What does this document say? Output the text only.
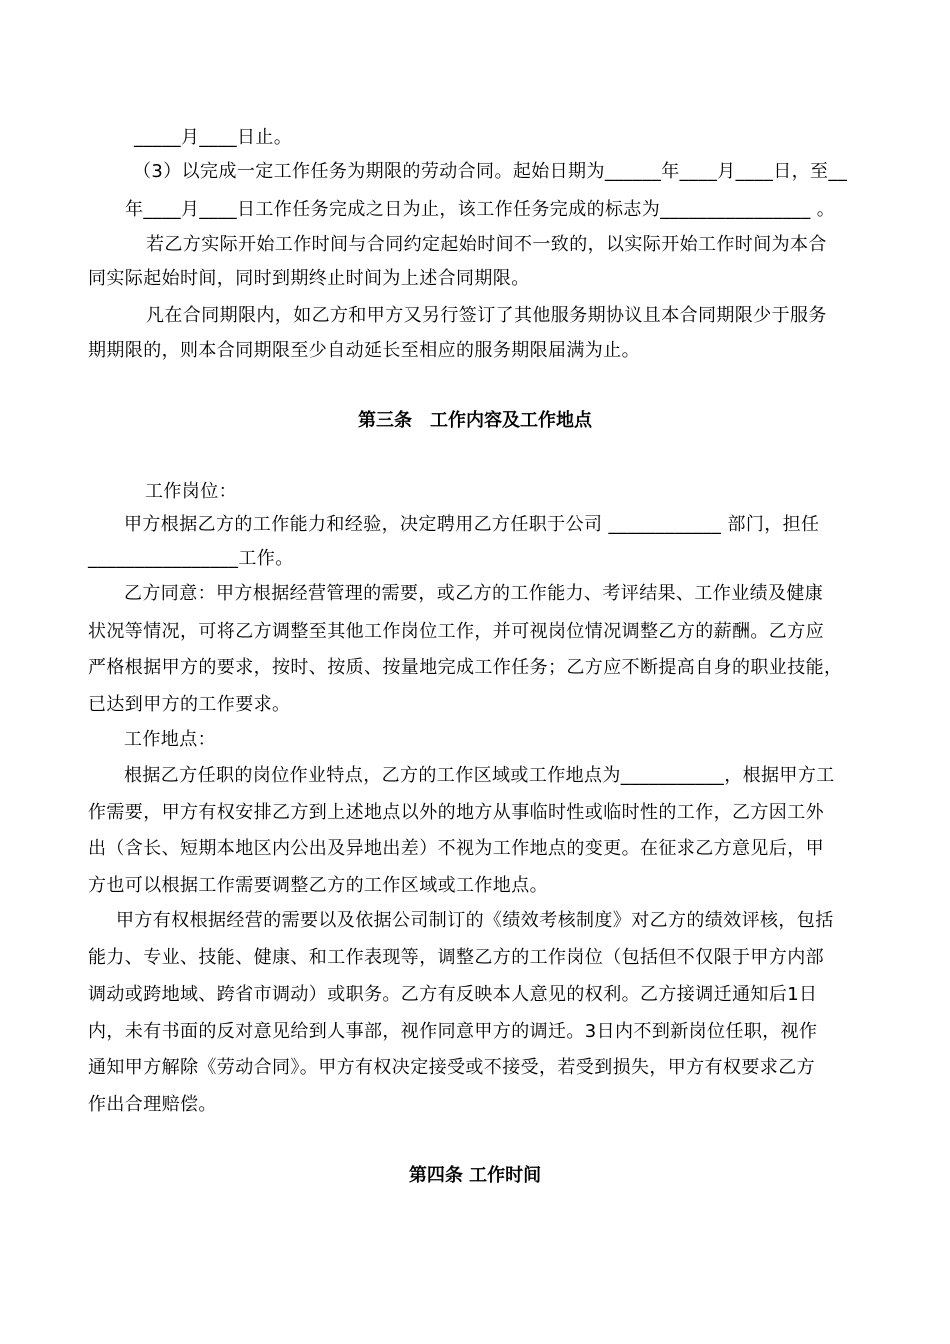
_____月____日止。
（3）以完成一定工作任务为期限的劳动合同。起始日期为______年____月____日，至__
年____月____日工作任务完成之日为止，该工作任务完成的标志为________________ 。
若乙方实际开始工作时间与合同约定起始时间不一致的，以实际开始工作时间为本合
同实际起始时间，同时到期终止时间为上述合同期限。
凡在合同期限内，如乙方和甲方又另行签订了其他服务期协议且本合同期限少于服务
期期限的，则本合同期限至少自动延长至相应的服务期限届满为止。
第三条　工作内容及工作地点
工作岗位：
甲方根据乙方的工作能力和经验，决定聘用乙方任职于公司 ____________ 部门，担任
________________工作。
乙方同意：甲方根据经营管理的需要，或乙方的工作能力、考评结果、工作业绩及健康
状况等情况，可将乙方调整至其他工作岗位工作，并可视岗位情况调整乙方的薪酬。乙方应
严格根据甲方的要求，按时、按质、按量地完成工作任务；乙方应不断提高自身的职业技能，
已达到甲方的工作要求。
工作地点：
根据乙方任职的岗位作业特点，乙方的工作区域或工作地点为___________，根据甲方工
作需要，甲方有权安排乙方到上述地点以外的地方从事临时性或临时性的工作，乙方因工外
出（含长、短期本地区内公出及异地出差）不视为工作地点的变更。在征求乙方意见后，甲
方也可以根据工作需要调整乙方的工作区域或工作地点。
甲方有权根据经营的需要以及依据公司制订的《绩效考核制度》对乙方的绩效评核，包括
能力、专业、技能、健康、和工作表现等，调整乙方的工作岗位（包括但不仅限于甲方内部
调动或跨地域、跨省市调动）或职务。乙方有反映本人意见的权利。乙方接调迁通知后1日
内，未有书面的反对意见给到人事部，视作同意甲方的调迁。3日内不到新岗位任职，视作
通知甲方解除《劳动合同》。甲方有权决定接受或不接受，若受到损失，甲方有权要求乙方
作出合理赔偿。
第四条 工作时间
